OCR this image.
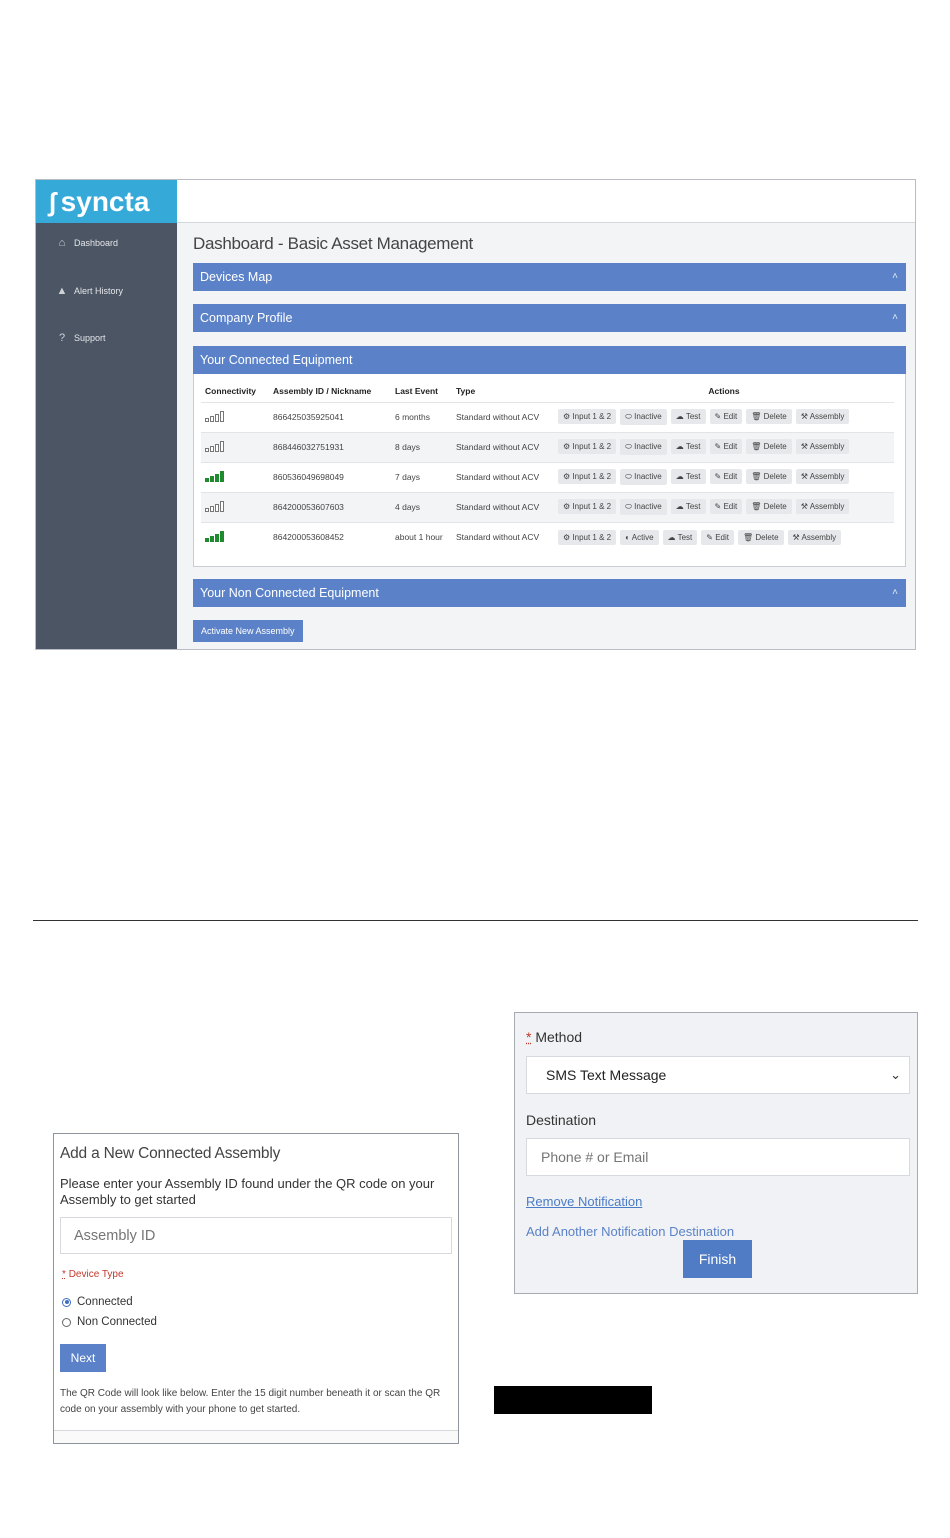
ʃ syncta
⌂ Dashboard
▲ Alert History
? Support
Dashboard - Basic Asset Management
Devices Map	˄
Company Profile	˄
Your Connected Equipment
Connectivity	Assembly ID / Nickname	Last Event	Type	Actions

	866425035925041	6 months	Standard without ACV	⚙ Input 1 & 2 ⬭ Inactive ☁ Test ✎ Edit 🗑 Delete ⚒ Assembly

	868446032751931	8 days	Standard without ACV	⚙ Input 1 & 2 ⬭ Inactive ☁ Test ✎ Edit 🗑 Delete ⚒ Assembly

	860536049698049	7 days	Standard without ACV	⚙ Input 1 & 2 ⬭ Inactive ☁ Test ✎ Edit 🗑 Delete ⚒ Assembly

	864200053607603	4 days	Standard without ACV	⚙ Input 1 & 2 ⬭ Inactive ☁ Test ✎ Edit 🗑 Delete ⚒ Assembly

	864200053608452	about 1 hour	Standard without ACV	⚙ Input 1 & 2 ◐ Active ☁ Test ✎ Edit 🗑 Delete ⚒ Assembly
Your Non Connected Equipment	˄
Activate New Assembly
* Method
SMS Text Message	⌄
Destination
Phone # or Email
Remove Notification
Add Another Notification Destination
Finish
Add a New Connected Assembly
Please enter your Assembly ID found under the QR code on your Assembly to get started
Assembly ID
* Device Type
Connected
Non Connected
Next
The QR Code will look like below. Enter the 15 digit number beneath it or scan the QR code on your assembly with your phone to get started.
